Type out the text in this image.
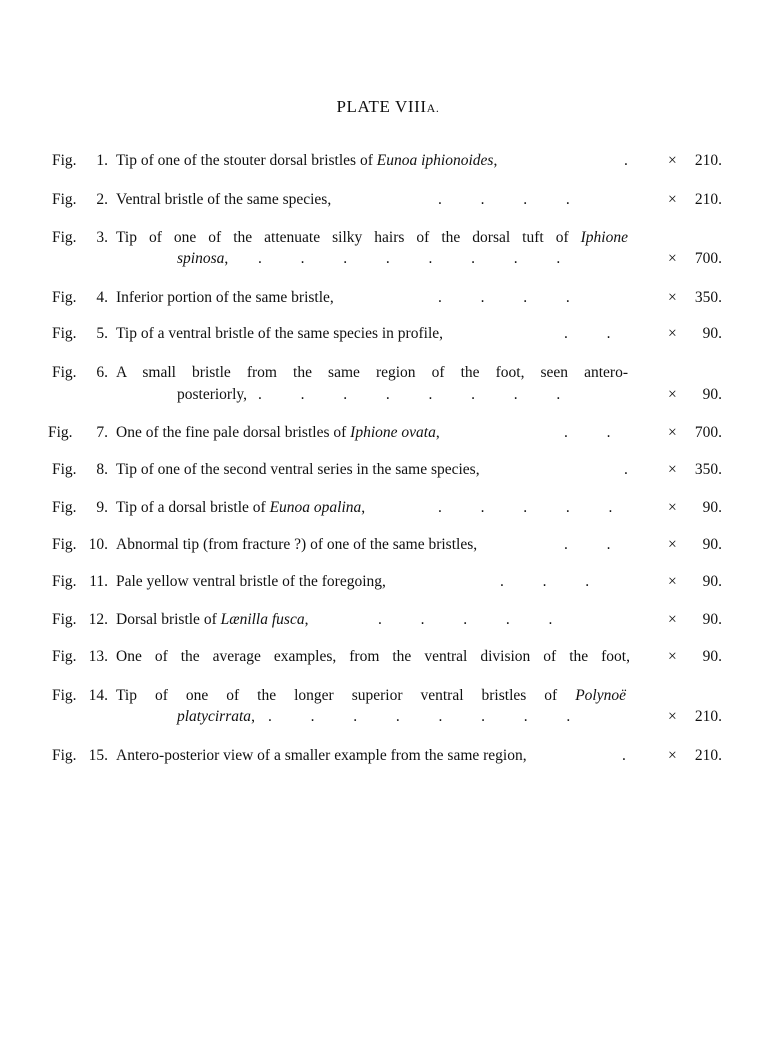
PLATE VIIIA.
Fig.	1. Tip of one of the stouter dorsal bristles of Eunoa iphionoides,	.	×	210.
Fig.	2. Ventral bristle of the same species,	.          .          .          .	×	210.
Fig.	3. Tip of one of the attenuate silky hairs of the dorsal tuft of Iphione
spinosa, .          .          .          .          .          .          .          .	×	700.
Fig.	4. Inferior portion of the same bristle,	.          .          .          .	×	350.
Fig.	5. Tip of a ventral bristle of the same species in profile,	.          .	×	90.
Fig.	6. A small bristle from the same region of the foot, seen antero-
posteriorly, .          .          .          .          .          .          .          .	×	90.
Fig.	7. One of the fine pale dorsal bristles of Iphione ovata,	.          .	×	700.
Fig.	8. Tip of one of the second ventral series in the same species,	.	×	350.
Fig.	9. Tip of a dorsal bristle of Eunoa opalina,	.          .          .          .          .	×	90.
Fig. 10. Abnormal tip (from fracture ?) of one of the same bristles,	.          .	×	90.
Fig. 11. Pale yellow ventral bristle of the foregoing,	.          .          .	×	90.
Fig. 12. Dorsal bristle of Lænilla fusca,	.          .          .          .          .	×	90.
Fig. 13. One of the average examples, from the ventral division of the foot, ×	90.
Fig. 14. Tip of one of the longer superior ventral bristles of Polynoë
platycirrata, .          .          .          .          .          .          .          .	×	210.
Fig. 15. Antero-posterior view of a smaller example from the same region,	.	×	210.
